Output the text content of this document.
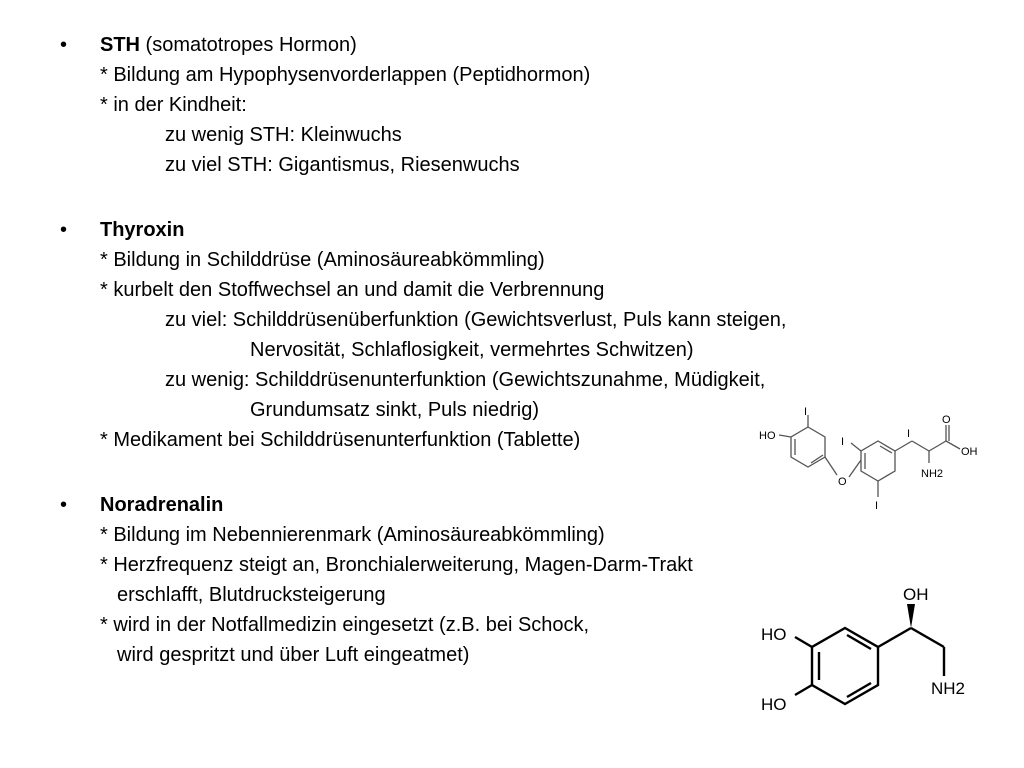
• STH (somatotropes Hormon)
* Bildung am Hypophysenvorderlappen (Peptidhormon)
* in der Kindheit:
zu wenig STH: Kleinwuchs
zu viel STH: Gigantismus, Riesenwuchs
• Thyroxin
* Bildung in Schilddrüse (Aminosäureabkömmling)
* kurbelt den Stoffwechsel an und damit die Verbrennung
zu viel: Schilddrüsenüberfunktion (Gewichtsverlust, Puls kann steigen,
Nervosität, Schlaflosigkeit, vermehrtes Schwitzen)
zu wenig: Schilddrüsenunterfunktion (Gewichtszunahme, Müdigkeit,
Grundumsatz sinkt, Puls niedrig)
* Medikament bei Schilddrüsenunterfunktion (Tablette)
• Noradrenalin
* Bildung im Nebennierenmark (Aminosäureabkömmling)
* Herzfrequenz steigt an, Bronchialerweiterung, Magen-Darm-Trakt
erschlafft, Blutdrucksteigerung
* wird in der Notfallmedizin eingesetzt (z.B. bei Schock,
wird gespritzt und über Luft eingeatmet)
I
HO	I
O
I
I
O
OH
NH2
OH
HO
HO
NH2
